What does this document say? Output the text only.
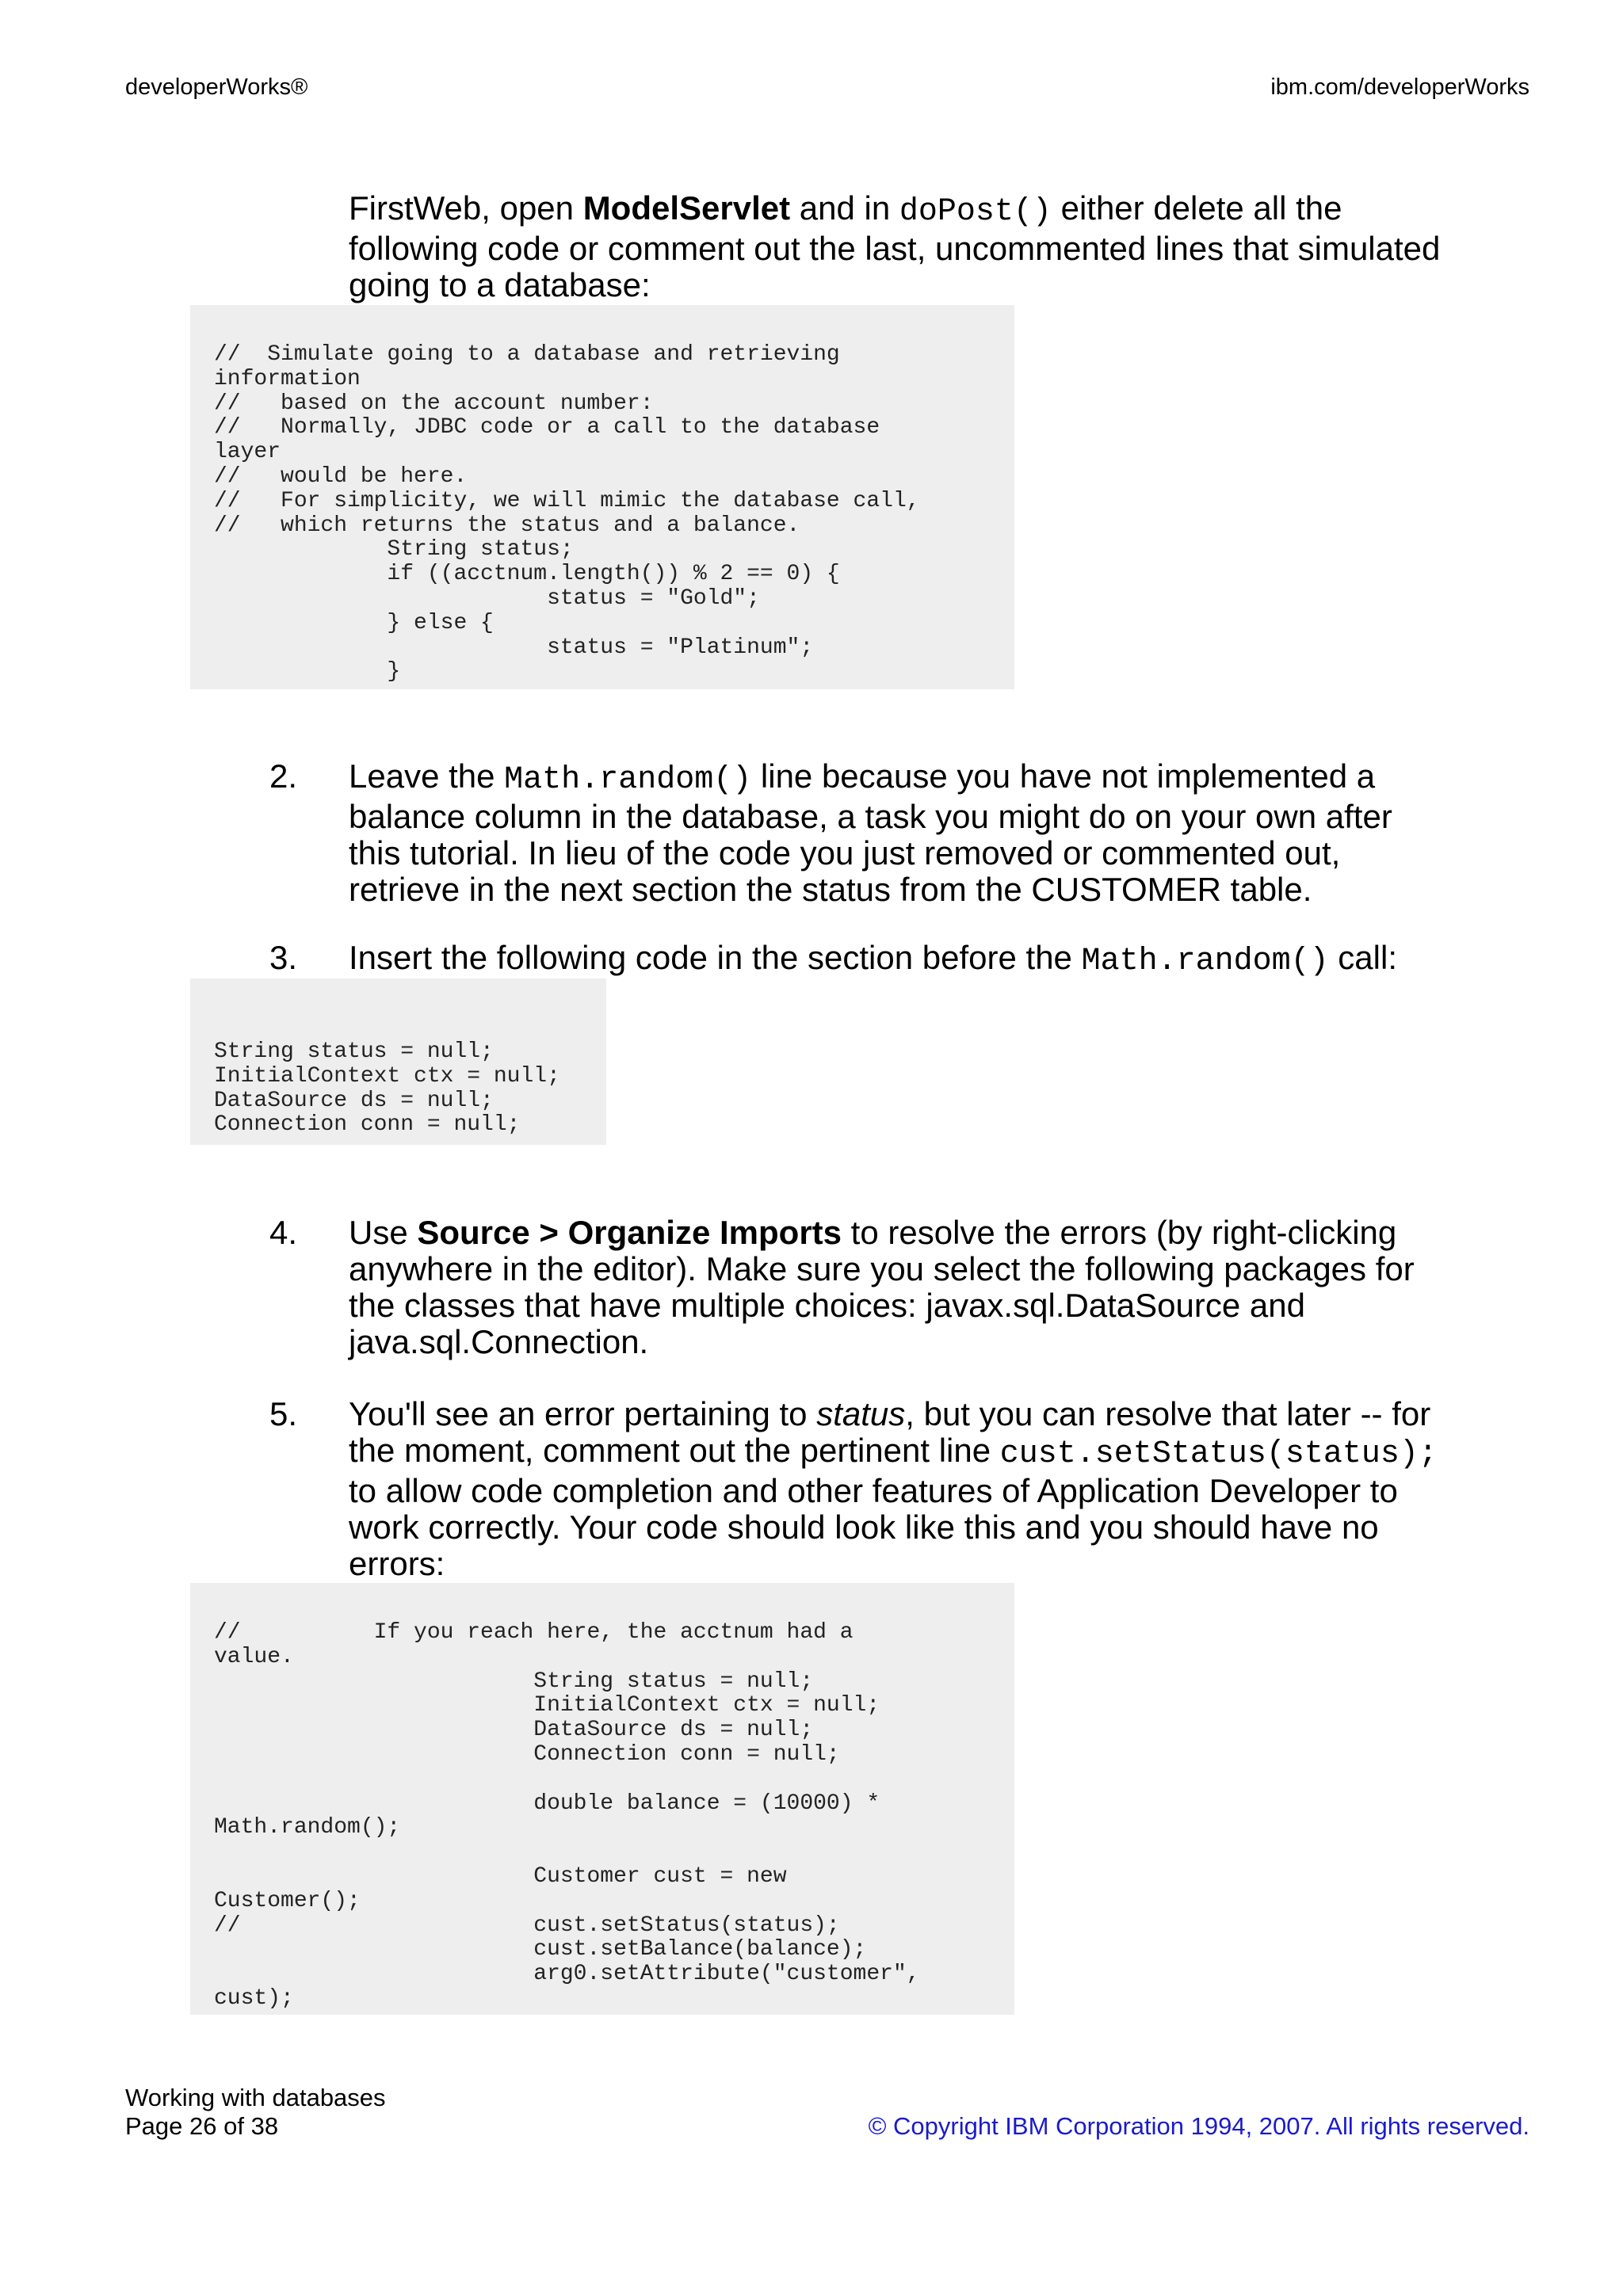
developerWorks®	ibm.com/developerWorks
FirstWeb, open ModelServlet and in doPost() either delete all the following code or comment out the last, uncommented lines that simulated going to a database:
//  Simulate going to a database and retrieving
information
//   based on the account number:
//   Normally, JDBC code or a call to the database
layer
//   would be here.
//   For simplicity, we will mimic the database call,
//   which returns the status and a balance.
String status;
if ((acctnum.length()) % 2 == 0) {
status = "Gold";
} else {
status = "Platinum";
}
2. Leave the Math.random() line because you have not implemented a balance column in the database, a task you might do on your own after this tutorial. In lieu of the code you just removed or commented out, retrieve in the next section the status from the CUSTOMER table.
3. Insert the following code in the section before the Math.random() call:
String status = null;
InitialContext ctx = null;
DataSource ds = null;
Connection conn = null;
4. Use Source > Organize Imports to resolve the errors (by right-clicking anywhere in the editor). Make sure you select the following packages for the classes that have multiple choices: javax.sql.DataSource and java.sql.Connection.
5. You'll see an error pertaining to status, but you can resolve that later -- for the moment, comment out the pertinent line cust.setStatus(status); to allow code completion and other features of Application Developer to work correctly. Your code should look like this and you should have no errors:
//          If you reach here, the acctnum had a
value.
String status = null;
InitialContext ctx = null;
DataSource ds = null;
Connection conn = null;

double balance = (10000) *
Math.random();

Customer cust = new
Customer();
//                      cust.setStatus(status);
cust.setBalance(balance);
arg0.setAttribute("customer",
cust);
Working with databases
Page 26 of 38	© Copyright IBM Corporation 1994, 2007. All rights reserved.
